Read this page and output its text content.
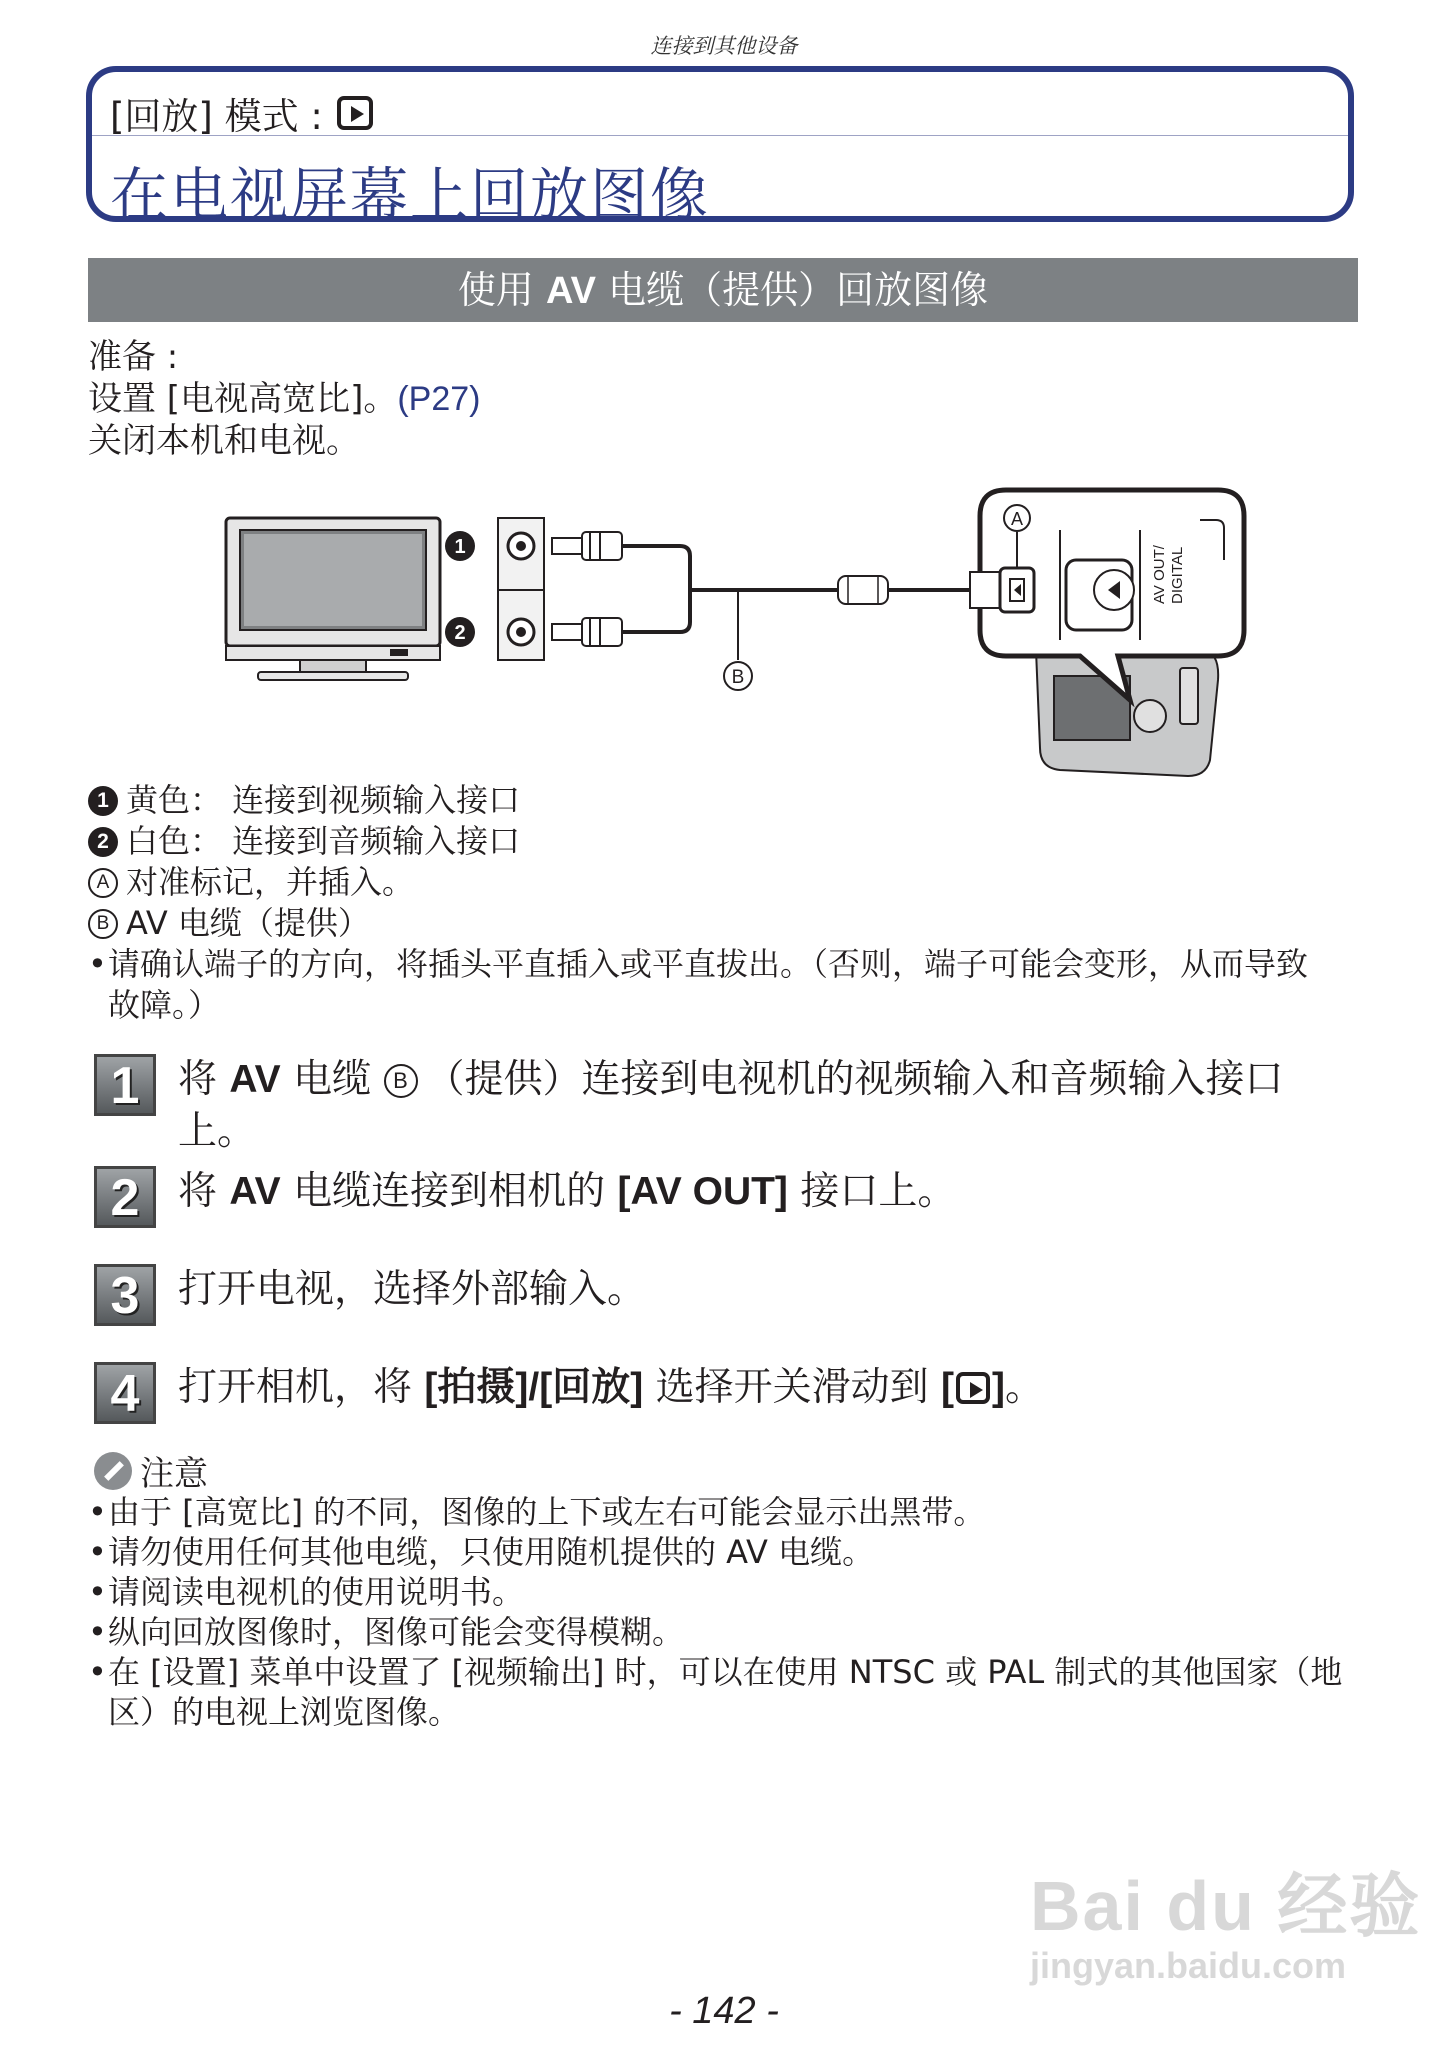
连接到其他设备
[回放] 模式 :
在电视屏幕上回放图像
使用 AV 电缆（提供）回放图像
准备 :
设置 [电视高宽比]。(P27)
关闭本机和电视。
1
2
B
AV OUT/ DIGITAL
A
1 黄色： 连接到视频输入接口
2 白色： 连接到音频输入接口
A 对准标记，并插入。
B AV 电缆（提供）
• 请确认端子的方向，将插头平直插入或平直拔出。（否则，端子可能会变形，从而导致故障。）
1 将 AV 电缆 B （提供）连接到电视机的视频输入和音频输入接口上。
2 将 AV 电缆连接到相机的 [AV OUT] 接口上。
3 打开电视，选择外部输入。
4 打开相机，将 [拍摄]/[回放] 选择开关滑动到 [ ]。
注意
• 由于 [高宽比] 的不同，图像的上下或左右可能会显示出黑带。
• 请勿使用任何其他电缆，只使用随机提供的 AV 电缆。
• 请阅读电视机的使用说明书。
• 纵向回放图像时，图像可能会变得模糊。
• 在 [设置] 菜单中设置了 [视频输出] 时，可以在使用 NTSC 或 PAL 制式的其他国家（地区）的电视上浏览图像。
Bai du 经验
jingyan.baidu.com
- 142 -
